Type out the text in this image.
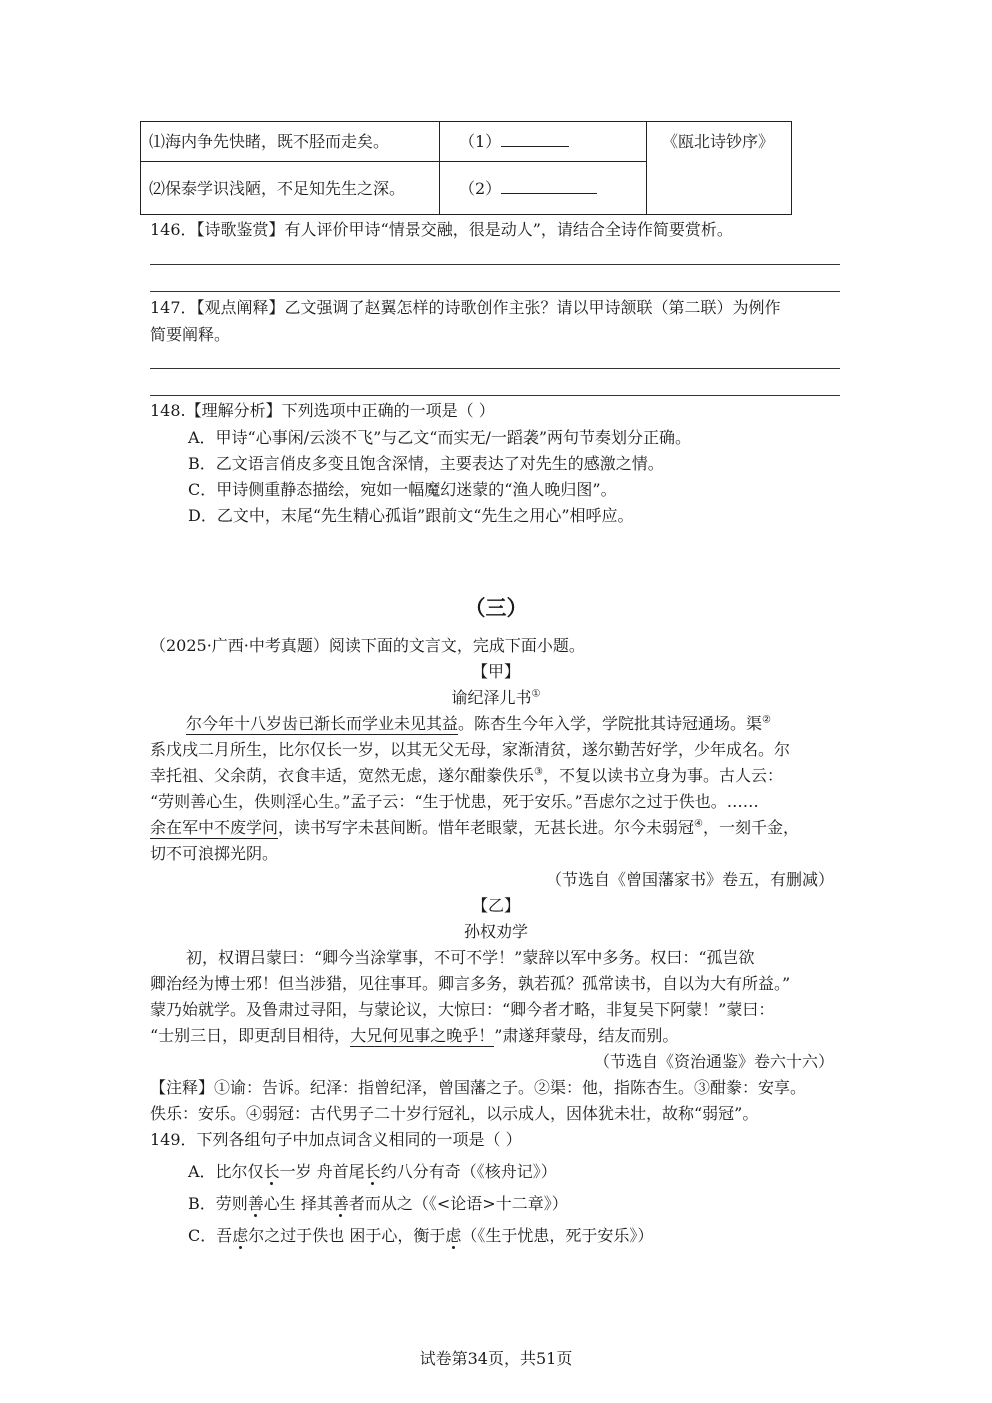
⑴海内争先快睹，既不胫而走矣。	（1）
⑵保泰学识浅陋，不足知先生之深。	（2）
《瓯北诗钞序》
146．【诗歌鉴赏】有人评价甲诗“情景交融，很是动人”，请结合全诗作简要赏析。
147．【观点阐释】乙文强调了赵翼怎样的诗歌创作主张？请以甲诗颔联（第二联）为例作
简要阐释。
148.【理解分析】下列选项中正确的一项是（ ）
A．甲诗“心事闲/云淡不飞”与乙文“而实无/一蹈袭”两句节奏划分正确。
B．乙文语言俏皮多变且饱含深情，主要表达了对先生的感激之情。
C．甲诗侧重静态描绘，宛如一幅魔幻迷蒙的“渔人晚归图”。
D．乙文中，末尾“先生精心孤诣”跟前文“先生之用心”相呼应。
（三）
（2025·广西·中考真题）阅读下面的文言文，完成下面小题。
【甲】
谕纪泽儿书①
尔今年十八岁齿已渐长而学业未见其益。陈杏生今年入学，学院批其诗冠通场。渠②
系戊戌二月所生，比尔仅长一岁，以其无父无母，家渐清贫，遂尔勤苦好学，少年成名。尔
幸托祖、父余荫，衣食丰适，宽然无虑，遂尔酣豢佚乐③，不复以读书立身为事。古人云：
“劳则善心生，佚则淫心生。”孟子云：“生于忧患，死于安乐。”吾虑尔之过于佚也。……
余在军中不废学问，读书写字未甚间断。惜年老眼蒙，无甚长进。尔今未弱冠④，一刻千金，
切不可浪掷光阴。
（节选自《曾国藩家书》卷五，有删减）
【乙】
孙权劝学
初，权谓吕蒙曰：“卿今当涂掌事，不可不学！”蒙辞以军中多务。权曰：“孤岂欲
卿治经为博士邪！但当涉猎，见往事耳。卿言多务，孰若孤？孤常读书，自以为大有所益。”
蒙乃始就学。及鲁肃过寻阳，与蒙论议，大惊曰：“卿今者才略，非复吴下阿蒙！”蒙曰：
“士别三日，即更刮目相待，大兄何见事之晚乎！”肃遂拜蒙母，结友而别。
（节选自《资治通鉴》卷六十六）
【注释】①谕：告诉。纪泽：指曾纪泽，曾国藩之子。②渠：他，指陈杏生。③酣豢：安享。
佚乐：安乐。④弱冠：古代男子二十岁行冠礼，以示成人，因体犹未壮，故称“弱冠”。
149．下列各组句子中加点词含义相同的一项是（ ）
A．比尔仅长一岁 舟首尾长约八分有奇（《核舟记》）
B．劳则善心生 择其善者而从之（《<论语>十二章》）
C．吾虑尔之过于佚也 困于心，衡于虑（《生于忧患，死于安乐》）
试卷第34页，共51页
